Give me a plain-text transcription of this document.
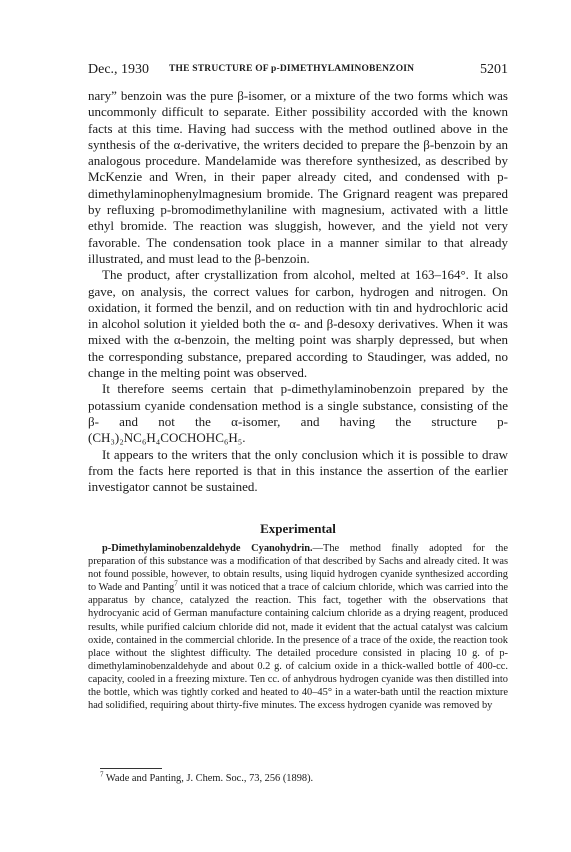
Dec., 1930 THE STRUCTURE OF p-DIMETHYLAMINOBENZOIN	5201

nary” benzoin was the pure β-isomer, or a mixture of the two forms which was uncommonly difficult to separate. Either possibility accorded with the known facts at this time. Having had success with the method outlined above in the synthesis of the α-derivative, the writers decided to prepare the β-benzoin by an analogous procedure. Mandelamide was therefore synthesized, as described by McKenzie and Wren, in their paper already cited, and condensed with p-dimethylaminophenylmagnesium bromide. The Grignard reagent was prepared by refluxing p-bromodimethylaniline with magnesium, activated with a little ethyl bromide. The reaction was sluggish, however, and the yield not very favorable. The condensation took place in a manner similar to that already illustrated, and must lead to the β-benzoin.

The product, after crystallization from alcohol, melted at 163–164°. It also gave, on analysis, the correct values for carbon, hydrogen and nitrogen. On oxidation, it formed the benzil, and on reduction with tin and hydrochloric acid in alcohol solution it yielded both the α- and β-desoxy derivatives. When it was mixed with the α-benzoin, the melting point was sharply depressed, but when the corresponding substance, prepared according to Staudinger, was added, no change in the melting point was observed.

It therefore seems certain that p-dimethylaminobenzoin prepared by the potassium cyanide condensation method is a single substance, consisting of the β- and not the α-isomer, and having the structure p-(CH₃)₂NC₆H₄COCHOHC₆H₅.

It appears to the writers that the only conclusion which it is possible to draw from the facts here reported is that in this instance the assertion of the earlier investigator cannot be sustained.

Experimental
p-Dimethylaminobenzaldehyde Cyanohydrin.—The method finally adopted for the preparation of this substance was a modification of that described by Sachs and already cited. It was not found possible, however, to obtain results, using liquid hydrogen cyanide synthesized according to Wade and Panting$^7$ until it was noticed that a trace of calcium chloride, which was carried into the apparatus by chance, catalyzed the reaction. This fact, together with the observations that hydrocyanic acid of German manufacture containing calcium chloride as a drying reagent, produced results, while purified calcium chloride did not, made it evident that the actual catalyst was calcium oxide, contained in the commercial chloride. In the presence of a trace of the oxide, the reaction took place without the slightest difficulty. The detailed procedure consisted in placing 10 g. of p-dimethylaminobenzaldehyde and about 0.2 g. of calcium oxide in a thick-walled bottle of 400-cc. capacity, cooled in a freezing mixture. Ten cc. of anhydrous hydrogen cyanide was then distilled into the bottle, which was tightly corked and heated to 40–45° in a water-bath until the reaction mixture had solidified, requiring about thirty-five minutes. The excess hydrogen cyanide was removed by
$^7$ Wade and Panting, J. Chem. Soc., 73, 256 (1898).
